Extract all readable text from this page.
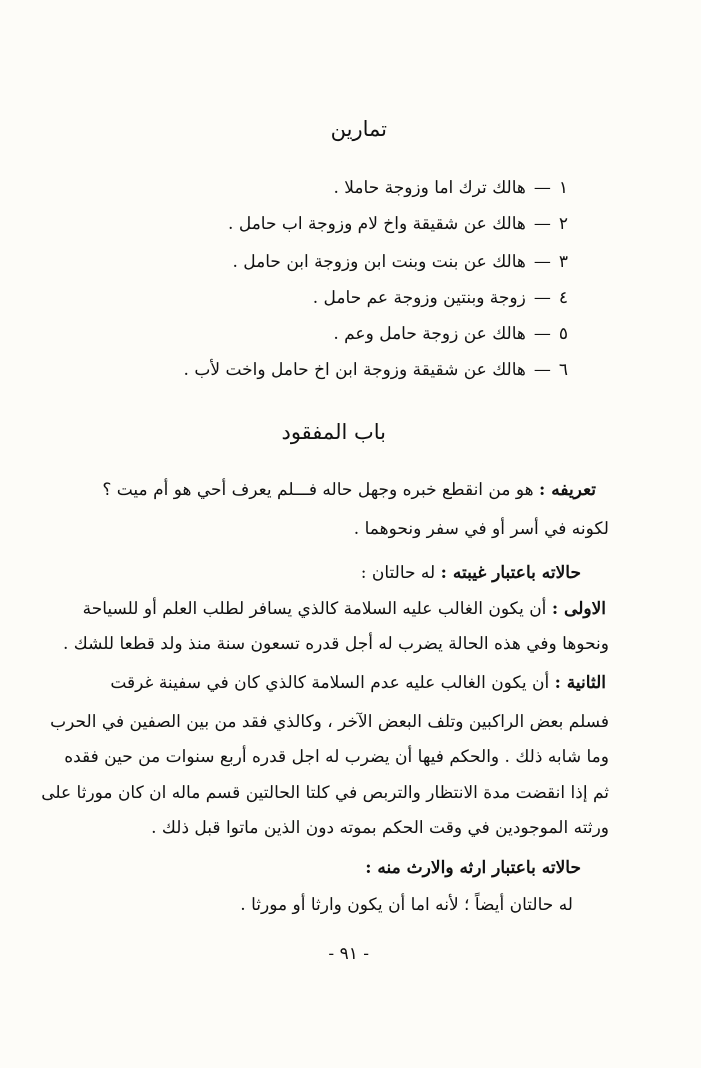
تمارين
١—هالك ترك اما وزوجة حاملا .
٢—هالك عن شقيقة واخ لام وزوجة اب حامل .
٣—هالك عن بنت وبنت ابن وزوجة ابن حامل .
٤—زوجة وبنتين وزوجة عم حامل .
٥—هالك عن زوجة حامل وعم .
٦—هالك عن شقيقة وزوجة ابن اخ حامل واخت لأب .
باب المفقود
تعريفه : هو من انقطع خبره وجهل حاله فـــلم يعرف أحي هو أم ميت ؟
لكونه في أسر أو في سفر ونحوهما .
حالاته باعتبار غيبته : له حالتان :
الاولى : أن يكون الغالب عليه السلامة كالذي يسافر لطلب العلم أو للسياحة
ونحوها وفي هذه الحالة يضرب له أجل قدره تسعون سنة منذ ولد قطعا للشك .
الثانية : أن يكون الغالب عليه عدم السلامة كالذي كان في سفينة غرقت
فسلم بعض الراكبين وتلف البعض الآخر ، وكالذي فقد من بين الصفين في الحرب
وما شابه ذلك . والحكم فيها أن يضرب له اجل قدره أربع سنوات من حين فقده
ثم إذا انقضت مدة الانتظار والتربص في كلتا الحالتين قسم ماله ان كان مورثا على
ورثته الموجودين في وقت الحكم بموته دون الذين ماتوا قبل ذلك .
حالاته باعتبار ارثه والارث منه :
له حالتان أيضاً ؛ لأنه اما أن يكون وارثا أو مورثا .
- ٩١ -
